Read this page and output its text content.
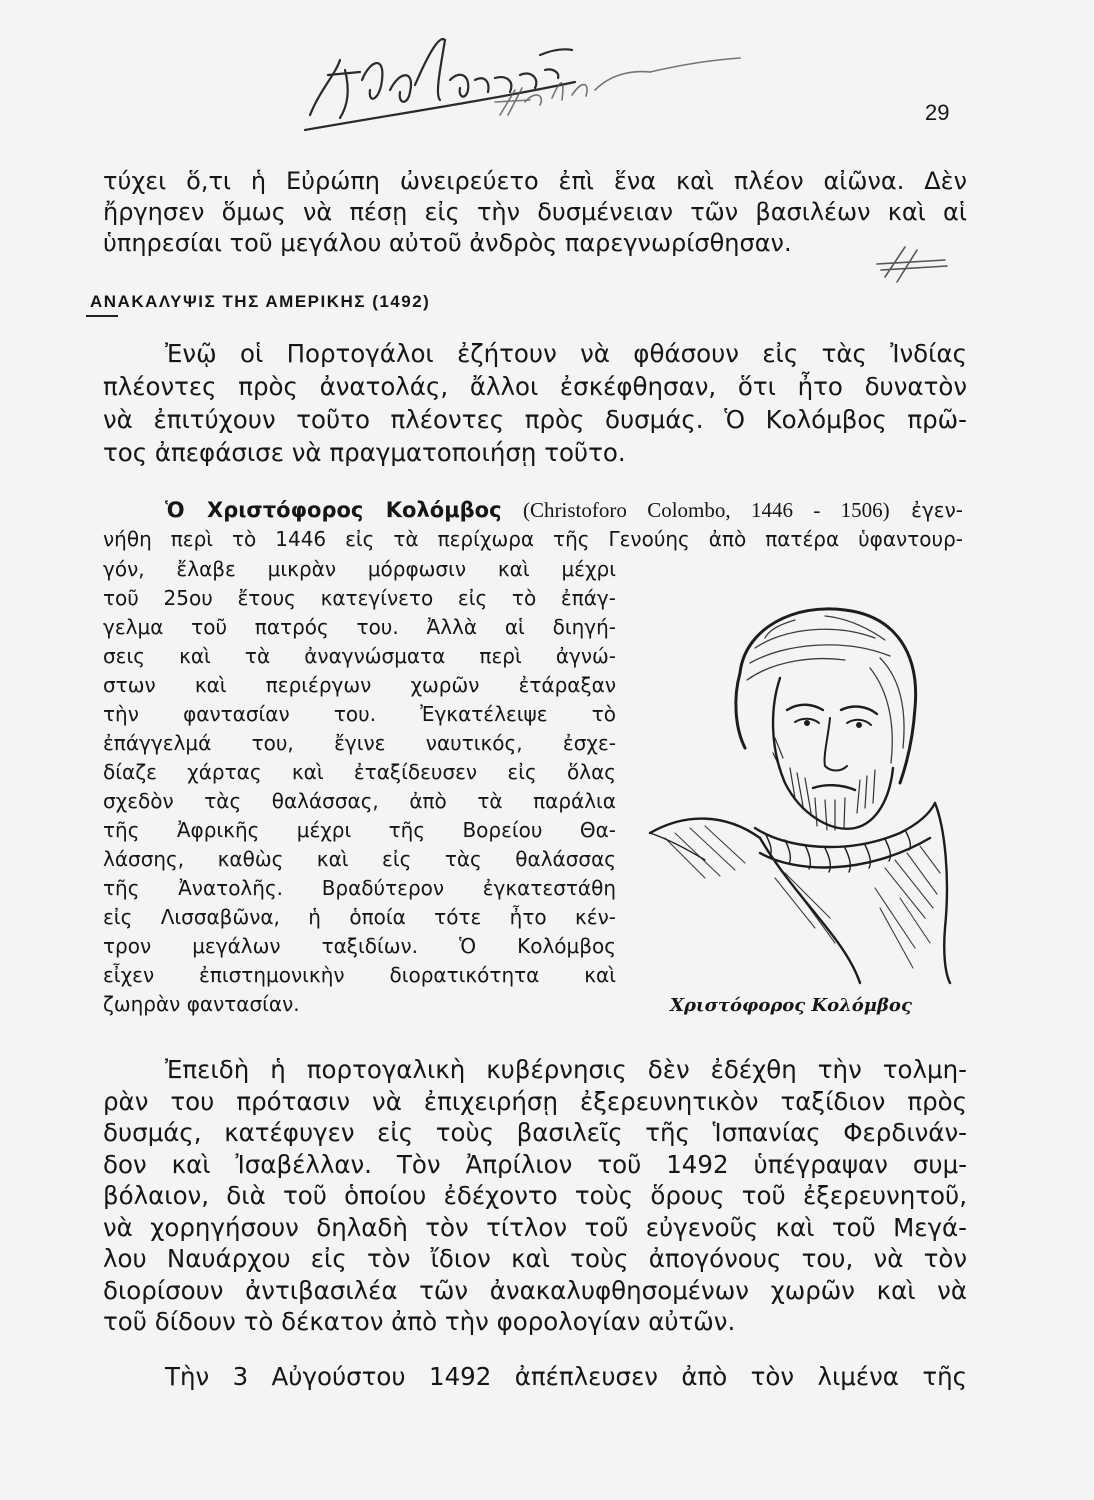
29
τύχει ὅ,τι ἡ Εὐρώπη ὠνειρεύετο ἐπὶ ἕνα καὶ πλέον αἰῶνα. Δὲν
ἤργησεν ὅμως νὰ πέσῃ εἰς τὴν δυσμένειαν τῶν βασιλέων καὶ αἱ
ὑπηρεσίαι τοῦ μεγάλου αὐτοῦ ἀνδρὸς παρεγνωρίσθησαν.
ΑΝΑΚΑΛΥΨΙΣ ΤΗΣ ΑΜΕΡΙΚΗΣ (1492)
Ἐνῷ οἱ Πορτογάλοι ἐζήτουν νὰ φθάσουν εἰς τὰς Ἰνδίας
πλέοντες πρὸς ἀνατολάς, ἄλλοι ἐσκέφθησαν, ὅτι ἦτο δυνατὸν
νὰ ἐπιτύχουν τοῦτο πλέοντες πρὸς δυσμάς. Ὁ Κολόμβος πρῶ-
τος ἀπεφάσισε νὰ πραγματοποιήσῃ τοῦτο.
Ὁ Χριστόφορος Κολόμβος (Christoforo Colombo, 1446 - 1506) ἐγεν-
νήθη περὶ τὸ 1446 εἰς τὰ περίχωρα τῆς Γενούης ἀπὸ πατέρα ὑφαντουρ-
γόν, ἔλαβε μικρὰν μόρφωσιν καὶ μέχρι
τοῦ 25ου ἔτους κατεγίνετο εἰς τὸ ἐπάγ-
γελμα τοῦ πατρός του. Ἀλλὰ αἱ διηγή-
σεις καὶ τὰ ἀναγνώσματα περὶ ἀγνώ-
στων καὶ περιέργων χωρῶν ἐτάραξαν
τὴν φαντασίαν του. Ἐγκατέλειψε τὸ
ἐπάγγελμά του, ἔγινε ναυτικός, ἐσχε-
δίαζε χάρτας καὶ ἐταξίδευσεν εἰς ὅλας
σχεδὸν τὰς θαλάσσας, ἀπὸ τὰ παράλια
τῆς Ἀφρικῆς μέχρι τῆς Βορείου Θα-
λάσσης, καθὼς καὶ εἰς τὰς θαλάσσας
τῆς Ἀνατολῆς. Βραδύτερον ἐγκατεστάθη
εἰς Λισσαβῶνα, ἡ ὁποία τότε ἦτο κέν-
τρον μεγάλων ταξιδίων. Ὁ Κολόμβος
εἶχεν ἐπιστημονικὴν διορατικότητα καὶ
ζωηρὰν φαντασίαν.	Χριστόφορος Κολόμβος
Ἐπειδὴ ἡ πορτογαλικὴ κυβέρνησις δὲν ἐδέχθη τὴν τολμη-
ρὰν του πρότασιν νὰ ἐπιχειρήσῃ ἐξερευνητικὸν ταξίδιον πρὸς
δυσμάς, κατέφυγεν εἰς τοὺς βασιλεῖς τῆς Ἱσπανίας Φερδινάν-
δον καὶ Ἰσαβέλλαν. Τὸν Ἀπρίλιον τοῦ 1492 ὑπέγραψαν συμ-
βόλαιον, διὰ τοῦ ὁποίου ἐδέχοντο τοὺς ὅρους τοῦ ἐξερευνητοῦ,
νὰ χορηγήσουν δηλαδὴ τὸν τίτλον τοῦ εὐγενοῦς καὶ τοῦ Μεγά-
λου Ναυάρχου εἰς τὸν ἴδιον καὶ τοὺς ἀπογόνους του, νὰ τὸν
διορίσουν ἀντιβασιλέα τῶν ἀνακαλυφθησομένων χωρῶν καὶ νὰ
τοῦ δίδουν τὸ δέκατον ἀπὸ τὴν φορολογίαν αὐτῶν.
Τὴν 3 Αὐγούστου 1492 ἀπέπλευσεν ἀπὸ τὸν λιμένα τῆς
